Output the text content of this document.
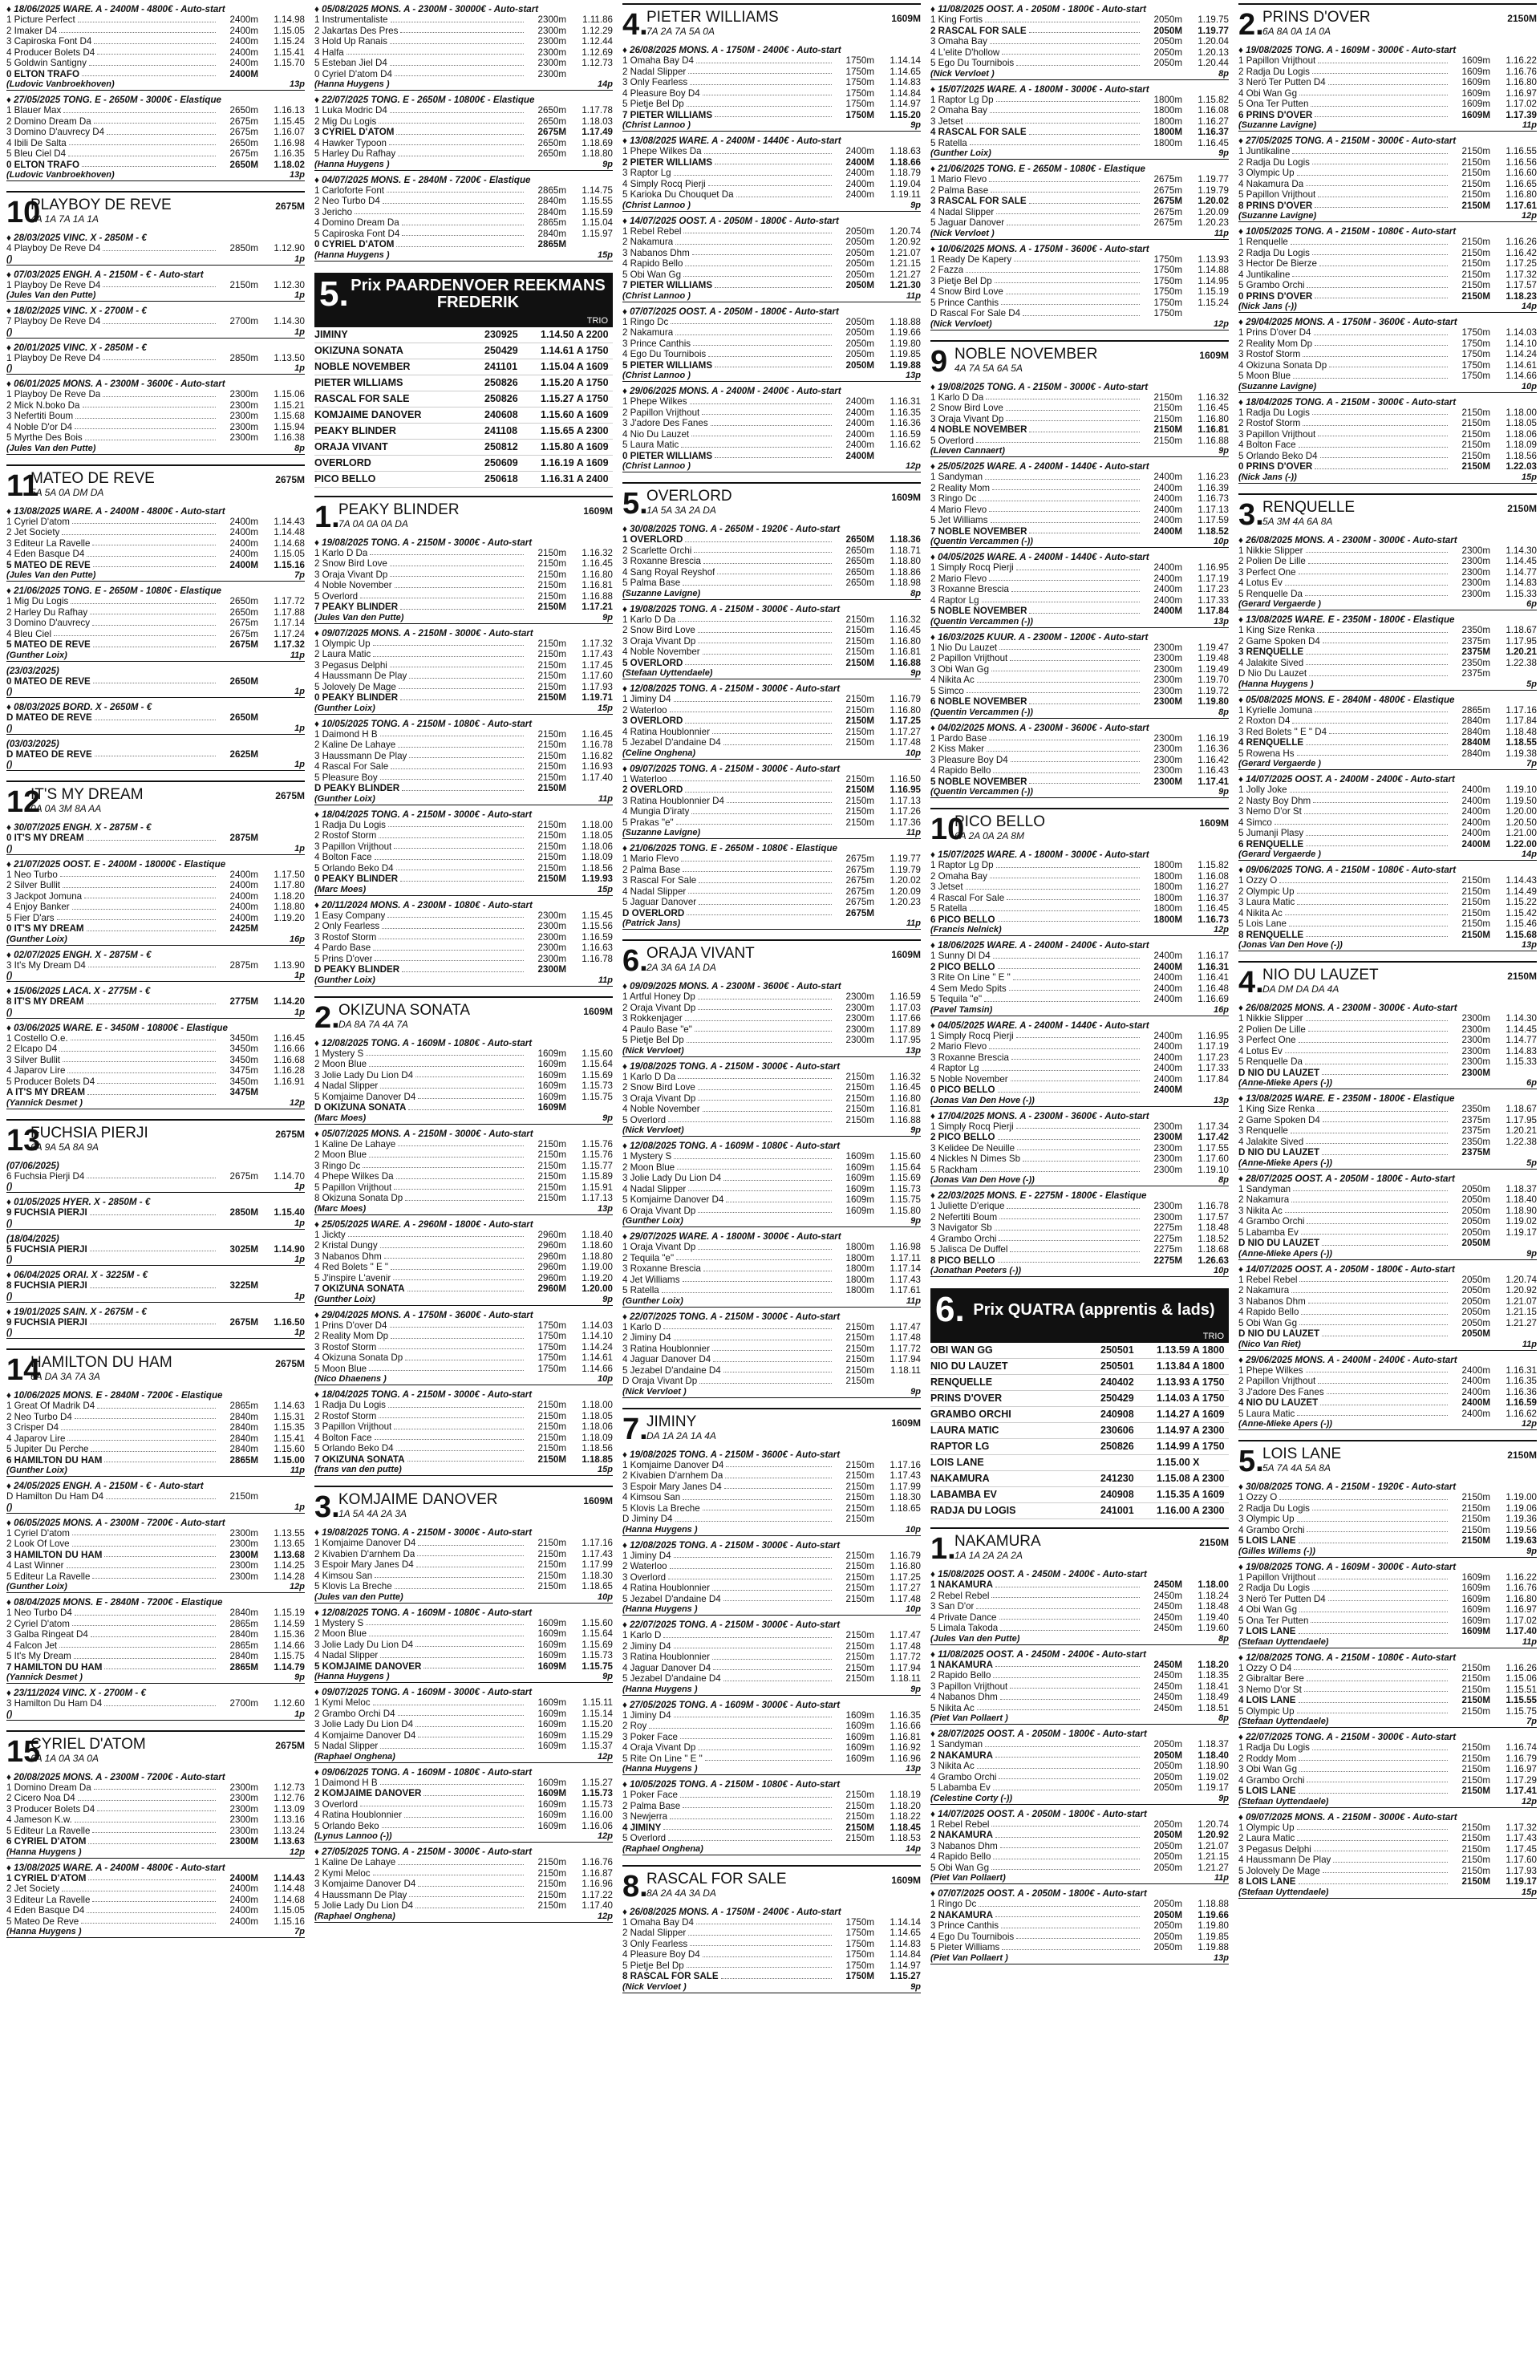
♦ 18/06/2025 WARE. A - 2400M - 4800€ - Auto-start
1 Picture Perfect	2400m	1.14.98
2 Imaker D4	2400m	1.15.05
3 Capiroska Font D4	2400m	1.15.24
4 Producer Bolets D4	2400m	1.15.41
5 Goldwin Santigny	2400m	1.15.70
0 ELTON TRAFO	2400M
(Ludovic Vanbroekhoven)	13p
♦ 27/05/2025 TONG. E - 2650M - 3000€ - Elastique
1 Blauer Max	2650m	1.16.13
2 Domino Dream Da	2675m	1.15.45
3 Domino D'auvrecy D4	2675m	1.16.07
4 Ibili De Salta	2650m	1.16.98
5 Bleu Ciel D4	2675m	1.16.35
0 ELTON TRAFO	2650M	1.18.02
(Ludovic Vanbroekhoven)	13p
10
PLAYBOY DE REVE
4A 1A 7A 1A 1A
2675M
♦ 28/03/2025 VINC. X - 2850M - €
4 Playboy De Reve D4	2850m	1.12.90
()	1p
♦ 07/03/2025 ENGH. A - 2150M - € - Auto-start
1 Playboy De Reve D4	2150m	1.12.30
(Jules Van den Putte)	1p
♦ 18/02/2025 VINC. X - 2700M - €
7 Playboy De Reve D4	2700m	1.14.30
()	1p
♦ 20/01/2025 VINC. X - 2850M - €
1 Playboy De Reve D4	2850m	1.13.50
()	1p
♦ 06/01/2025 MONS. A - 2300M - 3600€ - Auto-start
1 Playboy De Reve Da	2300m	1.15.06
2 Mick N.boko Da	2300m	1.15.21
3 Nefertiti Boum	2300m	1.15.68
4 Noble D'or D4	2300m	1.15.94
5 Myrthe Des Bois	2300m	1.16.38
(Jules Van den Putte)	8p
11
MATEO DE REVE
5A 5A 0A DM DA
2675M
♦ 13/08/2025 WARE. A - 2400M - 4800€ - Auto-start
1 Cyriel D'atom	2400m	1.14.43
2 Jet Society	2400m	1.14.48
3 Editeur La Ravelle	2400m	1.14.68
4 Eden Basque D4	2400m	1.15.05
5 MATEO DE REVE	2400M	1.15.16
(Jules Van den Putte)	7p
♦ 21/06/2025 TONG. E - 2650M - 1080€ - Elastique
1 Mig Du Logis	2650m	1.17.72
2 Harley Du Rafhay	2650m	1.17.88
3 Domino D'auvrecy	2675m	1.17.14
4 Bleu Ciel	2675m	1.17.24
5 MATEO DE REVE	2675M	1.17.32
(Gunther Loix)	11p
(23/03/2025)
0 MATEO DE REVE	2650M
()	1p
♦ 08/03/2025 BORD. X - 2650M - €
D MATEO DE REVE	2650M
()	1p
(03/03/2025)
D MATEO DE REVE	2625M
()	1p
12
IT'S MY DREAM
0A 0A 3M 8A AA
2675M
♦ 30/07/2025 ENGH. X - 2875M - €
0 IT'S MY DREAM	2875M
()	1p
♦ 21/07/2025 OOST. E - 2400M - 18000€ - Elastique
1 Neo Turbo	2400m	1.17.50
2 Silver Bullit	2400m	1.17.80
3 Jackpot Jomuna	2400m	1.18.20
4 Enjoy Banker	2400m	1.18.80
5 Fier D'ars	2400m	1.19.20
0 IT'S MY DREAM	2425M
(Gunther Loix)	16p
♦ 02/07/2025 ENGH. X - 2875M - €
3 It's My Dream D4	2875m	1.13.90
()	1p
♦ 15/06/2025 LACA. X - 2775M - €
8 IT'S MY DREAM	2775M	1.14.20
()	1p
♦ 03/06/2025 WARE. E - 3450M - 10800€ - Elastique
1 Costello O.e.	3450m	1.16.45
2 Elcapo D4	3450m	1.16.66
3 Silver Bullit	3450m	1.16.68
4 Japarov Lire	3475m	1.16.28
5 Producer Bolets D4	3450m	1.16.91
A IT'S MY DREAM	3475M
(Yannick Desmet )	12p
13
FUCHSIA PIERJI
6A 9A 5A 8A 9A
2675M
(07/06/2025)
6 Fuchsia Pierji D4	2675m	1.14.70
()	1p
♦ 01/05/2025 HYER. X - 2850M - €
9 FUCHSIA PIERJI	2850M	1.15.40
()	1p
(18/04/2025)
5 FUCHSIA PIERJI	3025M	1.14.90
()	1p
♦ 06/04/2025 ORAI. X - 3225M - €
8 FUCHSIA PIERJI	3225M
()	1p
♦ 19/01/2025 SAIN. X - 2675M - €
9 FUCHSIA PIERJI	2675M	1.16.50
()	1p
14
HAMILTON DU HAM
6A DA 3A 7A 3A
2675M
♦ 10/06/2025 MONS. E - 2840M - 7200€ - Elastique
1 Great Of Madrik D4	2865m	1.14.63
2 Neo Turbo D4	2840m	1.15.31
3 Crisper D4	2840m	1.15.35
4 Japarov Lire	2840m	1.15.41
5 Jupiter Du Perche	2840m	1.15.60
6 HAMILTON DU HAM	2865M	1.15.00
(Gunther Loix)	11p
♦ 24/05/2025 ENGH. A - 2150M - € - Auto-start
D Hamilton Du Ham D4	2150m
()	1p
♦ 06/05/2025 MONS. A - 2300M - 7200€ - Auto-start
1 Cyriel D'atom	2300m	1.13.55
2 Look Of Love	2300m	1.13.65
3 HAMILTON DU HAM	2300M	1.13.68
4 Last Winner	2300m	1.14.25
5 Editeur La Ravelle	2300m	1.14.28
(Gunther Loix)	12p
♦ 08/04/2025 MONS. E - 2840M - 7200€ - Elastique
1 Neo Turbo D4	2840m	1.15.19
2 Cyriel D'atom	2865m	1.14.59
3 Galba Ringeat D4	2840m	1.15.36
4 Falcon Jet	2865m	1.14.66
5 It's My Dream	2840m	1.15.75
7 HAMILTON DU HAM	2865M	1.14.79
(Yannick Desmet )	9p
♦ 23/11/2024 VINC. X - 2700M - €
3 Hamilton Du Ham D4	2700m	1.12.60
()	1p
15
CYRIEL D'ATOM
6A 1A 0A 3A 0A
2675M
♦ 20/08/2025 MONS. A - 2300M - 7200€ - Auto-start
1 Domino Dream Da	2300m	1.12.73
2 Cicero Noa D4	2300m	1.12.76
3 Producer Bolets D4	2300m	1.13.09
4 Jameson K.w.	2300m	1.13.16
5 Editeur La Ravelle	2300m	1.13.24
6 CYRIEL D'ATOM	2300M	1.13.63
(Hanna Huygens )	12p
♦ 13/08/2025 WARE. A - 2400M - 4800€ - Auto-start
1 CYRIEL D'ATOM	2400M	1.14.43
2 Jet Society	2400m	1.14.48
3 Editeur La Ravelle	2400m	1.14.68
4 Eden Basque D4	2400m	1.15.05
5 Mateo De Reve	2400m	1.15.16
(Hanna Huygens )	7p
♦ 05/08/2025 MONS. A - 2300M - 30000€ - Auto-start
1 Instrumentaliste	2300m	1.11.86
2 Jakartas Des Pres	2300m	1.12.29
3 Hold Up Ranais	2300m	1.12.44
4 Halfa	2300m	1.12.69
5 Esteban Jiel D4	2300m	1.12.73
0 Cyriel D'atom D4	2300m
(Hanna Huygens )	14p
♦ 22/07/2025 TONG. E - 2650M - 10800€ - Elastique
1 Luka Modric D4	2650m	1.17.78
2 Mig Du Logis	2650m	1.18.03
3 CYRIEL D'ATOM	2675M	1.17.49
4 Hawker Typoon	2650m	1.18.69
5 Harley Du Rafhay	2650m	1.18.80
(Hanna Huygens )	9p
♦ 04/07/2025 MONS. E - 2840M - 7200€ - Elastique
1 Carloforte Font	2865m	1.14.75
2 Neo Turbo D4	2840m	1.15.55
3 Jericho	2840m	1.15.59
4 Domino Dream Da	2865m	1.15.04
5 Capiroska Font D4	2840m	1.15.97
0 CYRIEL D'ATOM	2865M
(Hanna Huygens )	15p
5. Prix PAARDENVOER REEKMANS FREDERIK
TRIO
JIMINY	230925	1.14.50 A 2200
OKIZUNA SONATA	250429	1.14.61 A 1750
NOBLE NOVEMBER	241101	1.15.04 A 1609
PIETER WILLIAMS	250826	1.15.20 A 1750
RASCAL FOR SALE	250826	1.15.27 A 1750
KOMJAIME DANOVER	240608	1.15.60 A 1609
PEAKY BLINDER	241108	1.15.65 A 2300
ORAJA VIVANT	250812	1.15.80 A 1609
OVERLORD	250609	1.16.19 A 1609
PICO BELLO	250618	1.16.31 A 2400
1.
PEAKY BLINDER
7A 0A 0A 0A DA
1609M
♦ 19/08/2025 TONG. A - 2150M - 3000€ - Auto-start
1 Karlo D Da	2150m	1.16.32
2 Snow Bird Love	2150m	1.16.45
3 Oraja Vivant Dp	2150m	1.16.80
4 Noble November	2150m	1.16.81
5 Overlord	2150m	1.16.88
7 PEAKY BLINDER	2150M	1.17.21
(Jules Van den Putte)	9p
♦ 09/07/2025 MONS. A - 2150M - 3000€ - Auto-start
1 Olympic Up	2150m	1.17.32
2 Laura Matic	2150m	1.17.43
3 Pegasus Delphi	2150m	1.17.45
4 Haussmann De Play	2150m	1.17.60
5 Jolovely De Mage	2150m	1.17.93
0 PEAKY BLINDER	2150M	1.19.71
(Gunther Loix)	15p
♦ 10/05/2025 TONG. A - 2150M - 1080€ - Auto-start
1 Daimond H B	2150m	1.16.45
2 Kaline De Lahaye	2150m	1.16.78
3 Haussmann De Play	2150m	1.16.82
4 Rascal For Sale	2150m	1.16.93
5 Pleasure Boy	2150m	1.17.40
D PEAKY BLINDER	2150M
(Gunther Loix)	11p
♦ 18/04/2025 TONG. A - 2150M - 3000€ - Auto-start
1 Radja Du Logis	2150m	1.18.00
2 Rostof Storm	2150m	1.18.05
3 Papillon Vrijthout	2150m	1.18.06
4 Bolton Face	2150m	1.18.09
5 Orlando Beko D4	2150m	1.18.56
0 PEAKY BLINDER	2150M	1.19.93
(Marc Moes)	15p
♦ 20/11/2024 MONS. A - 2300M - 1080€ - Auto-start
1 Easy Company	2300m	1.15.45
2 Only Fearless	2300m	1.15.56
3 Rostof Storm	2300m	1.16.59
4 Pardo Base	2300m	1.16.63
5 Prins D'over	2300m	1.16.78
D PEAKY BLINDER	2300M
(Gunther Loix)	11p
2.
OKIZUNA SONATA
DA 8A 7A 4A 7A
1609M
♦ 12/08/2025 TONG. A - 1609M - 1080€ - Auto-start
1 Mystery S	1609m	1.15.60
2 Moon Blue	1609m	1.15.64
3 Jolie Lady Du Lion D4	1609m	1.15.69
4 Nadal Slipper	1609m	1.15.73
5 Komjaime Danover D4	1609m	1.15.75
D OKIZUNA SONATA	1609M
(Marc Moes)	9p
♦ 05/07/2025 MONS. A - 2150M - 3000€ - Auto-start
1 Kaline De Lahaye	2150m	1.15.76
2 Moon Blue	2150m	1.15.76
3 Ringo Dc	2150m	1.15.77
4 Phepe Wilkes Da	2150m	1.15.89
5 Papillon Vrijthout	2150m	1.15.91
8 Okizuna Sonata Dp	2150m	1.17.13
(Marc Moes)	13p
♦ 25/05/2025 WARE. A - 2960M - 1800€ - Auto-start
1 Jickty	2960m	1.18.40
2 Kristal Dungy	2960m	1.18.60
3 Nabanos Dhm	2960m	1.18.80
4 Red Bolets " E "	2960m	1.19.00
5 J'inspire L'avenir	2960m	1.19.20
7 OKIZUNA SONATA	2960M	1.20.00
(Gunther Loix)	9p
♦ 29/04/2025 MONS. A - 1750M - 3600€ - Auto-start
1 Prins D'over D4	1750m	1.14.03
2 Reality Mom Dp	1750m	1.14.10
3 Rostof Storm	1750m	1.14.24
4 Okizuna Sonata Dp	1750m	1.14.61
5 Moon Blue	1750m	1.14.66
(Nico Dhaenens )	10p
♦ 18/04/2025 TONG. A - 2150M - 3000€ - Auto-start
1 Radja Du Logis	2150m	1.18.00
2 Rostof Storm	2150m	1.18.05
3 Papillon Vrijthout	2150m	1.18.06
4 Bolton Face	2150m	1.18.09
5 Orlando Beko D4	2150m	1.18.56
7 OKIZUNA SONATA	2150M	1.18.85
(frans van den putte)	15p
3.
KOMJAIME DANOVER
1A 5A 4A 2A 3A
1609M
♦ 19/08/2025 TONG. A - 2150M - 3000€ - Auto-start
1 Komjaime Danover D4	2150m	1.17.16
2 Kivabien D'arnhem Da	2150m	1.17.43
3 Espoir Mary Janes D4	2150m	1.17.99
4 Kimsou San	2150m	1.18.30
5 Klovis La Breche	2150m	1.18.65
(Jules van den Putte)	10p
♦ 12/08/2025 TONG. A - 1609M - 1080€ - Auto-start
1 Mystery S	1609m	1.15.60
2 Moon Blue	1609m	1.15.64
3 Jolie Lady Du Lion D4	1609m	1.15.69
4 Nadal Slipper	1609m	1.15.73
5 KOMJAIME DANOVER	1609M	1.15.75
(Hanna Huygens )	9p
♦ 09/07/2025 TONG. A - 1609M - 3000€ - Auto-start
1 Kymi Meloc	1609m	1.15.11
2 Grambo Orchi D4	1609m	1.15.14
3 Jolie Lady Du Lion D4	1609m	1.15.20
4 Komjaime Danover D4	1609m	1.15.29
5 Nadal Slipper	1609m	1.15.37
(Raphael Onghena)	12p
♦ 09/06/2025 TONG. A - 1609M - 1080€ - Auto-start
1 Daimond H B	1609m	1.15.27
2 KOMJAIME DANOVER	1609M	1.15.73
3 Overlord	1609m	1.15.73
4 Ratina Houblonnier	1609m	1.16.00
5 Orlando Beko	1609m	1.16.06
(Lynus Lannoo (-))	12p
♦ 27/05/2025 TONG. A - 2150M - 3000€ - Auto-start
1 Kaline De Lahaye	2150m	1.16.76
2 Kymi Meloc	2150m	1.16.87
3 Komjaime Danover D4	2150m	1.16.96
4 Haussmann De Play	2150m	1.17.22
5 Jolie Lady Du Lion D4	2150m	1.17.40
(Raphael Onghena)	12p
4.
PIETER WILLIAMS
7A 2A 7A 5A 0A
1609M
♦ 26/08/2025 MONS. A - 1750M - 2400€ - Auto-start
1 Omaha Bay D4	1750m	1.14.14
2 Nadal Slipper	1750m	1.14.65
3 Only Fearless	1750m	1.14.83
4 Pleasure Boy D4	1750m	1.14.84
5 Pietje Bel Dp	1750m	1.14.97
7 PIETER WILLIAMS	1750M	1.15.20
(Christ Lannoo )	9p
♦ 13/08/2025 WARE. A - 2400M - 1440€ - Auto-start
1 Phepe Wilkes Da	2400m	1.18.63
2 PIETER WILLIAMS	2400M	1.18.66
3 Raptor Lg	2400m	1.18.79
4 Simply Rocq Pierji	2400m	1.19.04
5 Karioka Du Chouquet Da	2400m	1.19.11
(Christ Lannoo )	9p
♦ 14/07/2025 OOST. A - 2050M - 1800€ - Auto-start
1 Rebel Rebel	2050m	1.20.74
2 Nakamura	2050m	1.20.92
3 Nabanos Dhm	2050m	1.21.07
4 Rapido Bello	2050m	1.21.15
5 Obi Wan Gg	2050m	1.21.27
7 PIETER WILLIAMS	2050M	1.21.30
(Christ Lannoo )	11p
♦ 07/07/2025 OOST. A - 2050M - 1800€ - Auto-start
1 Ringo Dc	2050m	1.18.88
2 Nakamura	2050m	1.19.66
3 Prince Canthis	2050m	1.19.80
4 Ego Du Tournibois	2050m	1.19.85
5 PIETER WILLIAMS	2050M	1.19.88
(Christ Lannoo )	13p
♦ 29/06/2025 MONS. A - 2400M - 2400€ - Auto-start
1 Phepe Wilkes	2400m	1.16.31
2 Papillon Vrijthout	2400m	1.16.35
3 J'adore Des Fanes	2400m	1.16.36
4 Nio Du Lauzet	2400m	1.16.59
5 Laura Matic	2400m	1.16.62
0 PIETER WILLIAMS	2400M
(Christ Lannoo )	12p
5.
OVERLORD
1A 5A 3A 2A DA
1609M
♦ 30/08/2025 TONG. A - 2650M - 1920€ - Auto-start
1 OVERLORD	2650M	1.18.36
2 Scarlette Orchi	2650m	1.18.71
3 Roxanne Brescia	2650m	1.18.80
4 Sang Royal Reyshof	2650m	1.18.86
5 Palma Base	2650m	1.18.98
(Suzanne Lavigne)	8p
♦ 19/08/2025 TONG. A - 2150M - 3000€ - Auto-start
1 Karlo D Da	2150m	1.16.32
2 Snow Bird Love	2150m	1.16.45
3 Oraja Vivant Dp	2150m	1.16.80
4 Noble November	2150m	1.16.81
5 OVERLORD	2150M	1.16.88
(Stefaan Uyttendaele)	9p
♦ 12/08/2025 TONG. A - 2150M - 3000€ - Auto-start
1 Jiminy D4	2150m	1.16.79
2 Waterloo	2150m	1.16.80
3 OVERLORD	2150M	1.17.25
4 Ratina Houblonnier	2150m	1.17.27
5 Jezabel D'andaine D4	2150m	1.17.48
(Celine Onghena)	10p
♦ 09/07/2025 TONG. A - 2150M - 3000€ - Auto-start
1 Waterloo	2150m	1.16.50
2 OVERLORD	2150M	1.16.95
3 Ratina Houblonnier D4	2150m	1.17.13
4 Mungia D'iraty	2150m	1.17.26
5 Prakas "e"	2150m	1.17.36
(Suzanne Lavigne)	11p
♦ 21/06/2025 TONG. E - 2650M - 1080€ - Elastique
1 Mario Flevo	2675m	1.19.77
2 Palma Base	2675m	1.19.79
3 Rascal For Sale	2675m	1.20.02
4 Nadal Slipper	2675m	1.20.09
5 Jaguar Danover	2675m	1.20.23
D OVERLORD	2675M
(Patrick Jans)	11p
6.
ORAJA VIVANT
2A 3A 6A 1A DA
1609M
♦ 09/09/2025 MONS. A - 2300M - 3600€ - Auto-start
1 Artful Honey Dp	2300m	1.16.59
2 Oraja Vivant Dp	2300m	1.17.03
3 Rokkenjager	2300m	1.17.66
4 Paulo Base "e"	2300m	1.17.89
5 Pietje Bel Dp	2300m	1.17.95
(Nick Vervloet)	13p
♦ 19/08/2025 TONG. A - 2150M - 3000€ - Auto-start
1 Karlo D Da	2150m	1.16.32
2 Snow Bird Love	2150m	1.16.45
3 Oraja Vivant Dp	2150m	1.16.80
4 Noble November	2150m	1.16.81
5 Overlord	2150m	1.16.88
(Nick Vervloet)	9p
♦ 12/08/2025 TONG. A - 1609M - 1080€ - Auto-start
1 Mystery S	1609m	1.15.60
2 Moon Blue	1609m	1.15.64
3 Jolie Lady Du Lion D4	1609m	1.15.69
4 Nadal Slipper	1609m	1.15.73
5 Komjaime Danover D4	1609m	1.15.75
6 Oraja Vivant Dp	1609m	1.15.80
(Gunther Loix)	9p
♦ 29/07/2025 WARE. A - 1800M - 3000€ - Auto-start
1 Oraja Vivant Dp	1800m	1.16.98
2 Tequila "e"	1800m	1.17.11
3 Roxanne Brescia	1800m	1.17.14
4 Jet Williams	1800m	1.17.43
5 Ratella	1800m	1.17.61
(Gunther Loix)	11p
♦ 22/07/2025 TONG. A - 2150M - 3000€ - Auto-start
1 Karlo D	2150m	1.17.47
2 Jiminy D4	2150m	1.17.48
3 Ratina Houblonnier	2150m	1.17.72
4 Jaguar Danover D4	2150m	1.17.94
5 Jezabel D'andaine D4	2150m	1.18.11
D Oraja Vivant Dp	2150m
(Nick Vervloet )	9p
7.
JIMINY
DA 1A 2A 1A 4A
1609M
♦ 19/08/2025 TONG. A - 2150M - 3600€ - Auto-start
1 Komjaime Danover D4	2150m	1.17.16
2 Kivabien D'arnhem Da	2150m	1.17.43
3 Espoir Mary Janes D4	2150m	1.17.99
4 Kimsou San	2150m	1.18.30
5 Klovis La Breche	2150m	1.18.65
D Jiminy D4	2150m
(Hanna Huygens )	10p
♦ 12/08/2025 TONG. A - 2150M - 3000€ - Auto-start
1 Jiminy D4	2150m	1.16.79
2 Waterloo	2150m	1.16.80
3 Overlord	2150m	1.17.25
4 Ratina Houblonnier	2150m	1.17.27
5 Jezabel D'andaine D4	2150m	1.17.48
(Hanna Huygens )	10p
♦ 22/07/2025 TONG. A - 2150M - 3000€ - Auto-start
1 Karlo D	2150m	1.17.47
2 Jiminy D4	2150m	1.17.48
3 Ratina Houblonnier	2150m	1.17.72
4 Jaguar Danover D4	2150m	1.17.94
5 Jezabel D'andaine D4	2150m	1.18.11
(Hanna Huygens )	9p
♦ 27/05/2025 TONG. A - 1609M - 3000€ - Auto-start
1 Jiminy D4	1609m	1.16.35
2 Roy	1609m	1.16.66
3 Poker Face	1609m	1.16.81
4 Oraja Vivant Dp	1609m	1.16.92
5 Rite On Line " E "	1609m	1.16.96
(Hanna Huygens )	13p
♦ 10/05/2025 TONG. A - 2150M - 1080€ - Auto-start
1 Poker Face	2150m	1.18.19
2 Palma Base	2150m	1.18.20
3 Newjerra	2150m	1.18.22
4 JIMINY	2150M	1.18.45
5 Overlord	2150m	1.18.53
(Raphael Onghena)	14p
8.
RASCAL FOR SALE
8A 2A 4A 3A DA
1609M
♦ 26/08/2025 MONS. A - 1750M - 2400€ - Auto-start
1 Omaha Bay D4	1750m	1.14.14
2 Nadal Slipper	1750m	1.14.65
3 Only Fearless	1750m	1.14.83
4 Pleasure Boy D4	1750m	1.14.84
5 Pietje Bel Dp	1750m	1.14.97
8 RASCAL FOR SALE	1750M	1.15.27
(Nick Vervloet )	9p
♦ 11/08/2025 OOST. A - 2050M - 1800€ - Auto-start
1 King Fortis	2050m	1.19.75
2 RASCAL FOR SALE	2050M	1.19.77
3 Omaha Bay	2050m	1.20.04
4 L'elite D'hollow	2050m	1.20.13
5 Ego Du Tournibois	2050m	1.20.44
(Nick Vervloet )	8p
♦ 15/07/2025 WARE. A - 1800M - 3000€ - Auto-start
1 Raptor Lg Dp	1800m	1.15.82
2 Omaha Bay	1800m	1.16.08
3 Jetset	1800m	1.16.27
4 RASCAL FOR SALE	1800M	1.16.37
5 Ratella	1800m	1.16.45
(Gunther Loix)	9p
♦ 21/06/2025 TONG. E - 2650M - 1080€ - Elastique
1 Mario Flevo	2675m	1.19.77
2 Palma Base	2675m	1.19.79
3 RASCAL FOR SALE	2675M	1.20.02
4 Nadal Slipper	2675m	1.20.09
5 Jaguar Danover	2675m	1.20.23
(Nick Vervloet )	11p
♦ 10/06/2025 MONS. A - 1750M - 3600€ - Auto-start
1 Ready De Kapery	1750m	1.13.93
2 Fazza	1750m	1.14.88
3 Pietje Bel Dp	1750m	1.14.95
4 Snow Bird Love	1750m	1.15.19
5 Prince Canthis	1750m	1.15.24
D Rascal For Sale D4	1750m
(Nick Vervloet)	12p
9 NOBLE NOVEMBER
4A 7A 5A 6A 5A
1609M
♦ 19/08/2025 TONG. A - 2150M - 3000€ - Auto-start
1 Karlo D Da	2150m	1.16.32
2 Snow Bird Love	2150m	1.16.45
3 Oraja Vivant Dp	2150m	1.16.80
4 NOBLE NOVEMBER	2150M	1.16.81
5 Overlord	2150m	1.16.88
(Lieven Cannaert)	9p
♦ 25/05/2025 WARE. A - 2400M - 1440€ - Auto-start
1 Sandyman	2400m	1.16.23
2 Reality Mom	2400m	1.16.39
3 Ringo Dc	2400m	1.16.73
4 Mario Flevo	2400m	1.17.13
5 Jet Williams	2400m	1.17.59
7 NOBLE NOVEMBER	2400M	1.18.52
(Quentin Vercammen (-))	10p
♦ 04/05/2025 WARE. A - 2400M - 1440€ - Auto-start
1 Simply Rocq Pierji	2400m	1.16.95
2 Mario Flevo	2400m	1.17.19
3 Roxanne Brescia	2400m	1.17.23
4 Raptor Lg	2400m	1.17.33
5 NOBLE NOVEMBER	2400M	1.17.84
(Quentin Vercammen (-))	13p
♦ 16/03/2025 KUUR. A - 2300M - 1200€ - Auto-start
1 Nio Du Lauzet	2300m	1.19.47
2 Papillon Vrijthout	2300m	1.19.48
3 Obi Wan Gg	2300m	1.19.49
4 Nikita Ac	2300m	1.19.70
5 Simco	2300m	1.19.72
6 NOBLE NOVEMBER	2300M	1.19.80
(Quentin Vercammen (-))	8p
♦ 04/02/2025 MONS. A - 2300M - 3600€ - Auto-start
1 Pardo Base	2300m	1.16.19
2 Kiss Maker	2300m	1.16.36
3 Pleasure Boy D4	2300m	1.16.42
4 Rapido Bello	2300m	1.16.43
5 NOBLE NOVEMBER	2300M	1.17.41
(Quentin Vercammen (-))	9p
10
PICO BELLO
6A 2A 0A 2A 8M
1609M
♦ 15/07/2025 WARE. A - 1800M - 3000€ - Auto-start
1 Raptor Lg Dp	1800m	1.15.82
2 Omaha Bay	1800m	1.16.08
3 Jetset	1800m	1.16.27
4 Rascal For Sale	1800m	1.16.37
5 Ratella	1800m	1.16.45
6 PICO BELLO	1800M	1.16.73
(Francis Nelnick)	12p
♦ 18/06/2025 WARE. A - 2400M - 2400€ - Auto-start
1 Sunny Dl D4	2400m	1.16.17
2 PICO BELLO	2400M	1.16.31
3 Rite On Line " E "	2400m	1.16.41
4 Sem Medo Spits	2400m	1.16.48
5 Tequila "e"	2400m	1.16.69
(Pavel Tamsin)	16p
♦ 04/05/2025 WARE. A - 2400M - 1440€ - Auto-start
1 Simply Rocq Pierji	2400m	1.16.95
2 Mario Flevo	2400m	1.17.19
3 Roxanne Brescia	2400m	1.17.23
4 Raptor Lg	2400m	1.17.33
5 Noble November	2400m	1.17.84
0 PICO BELLO	2400M
(Jonas Van Den Hove (-))	13p
♦ 17/04/2025 MONS. A - 2300M - 3600€ - Auto-start
1 Simply Rocq Pierji	2300m	1.17.34
2 PICO BELLO	2300M	1.17.42
3 Kelidee De Neuille	2300m	1.17.55
4 Nickles N Dimes Sb	2300m	1.17.60
5 Rackham	2300m	1.19.10
(Jonas Van Den Hove (-))	8p
♦ 22/03/2025 MONS. E - 2275M - 1800€ - Elastique
1 Juliette D'erique	2300m	1.16.78
2 Nefertiti Boum	2300m	1.17.57
3 Navigator Sb	2275m	1.18.48
4 Grambo Orchi	2275m	1.18.52
5 Jalisca De Duffel	2275m	1.18.68
8 PICO BELLO	2275M	1.26.63
(Jonathan Peeters (-))	10p
6. Prix QUATRA (apprentis & lads)
TRIO
OBI WAN GG	250501	1.13.59 A 1800
NIO DU LAUZET	250501	1.13.84 A 1800
RENQUELLE	240402	1.13.93 A 1750
PRINS D'OVER	250429	1.14.03 A 1750
GRAMBO ORCHI	240908	1.14.27 A 1609
LAURA MATIC	230606	1.14.97 A 2300
RAPTOR LG	250826	1.14.99 A 1750
LOIS LANE	1.15.00 X
NAKAMURA	241230	1.15.08 A 2300
LABAMBA EV	240908	1.15.35 A 1609
RADJA DU LOGIS	241001	1.16.00 A 2300
1.
NAKAMURA
1A 1A 2A 2A 2A
2150M
♦ 15/08/2025 OOST. A - 2450M - 2400€ - Auto-start
1 NAKAMURA	2450M	1.18.00
2 Rebel Rebel	2450m	1.18.24
3 San D'or	2450m	1.18.48
4 Private Dance	2450m	1.19.40
5 Limala Takoda	2450m	1.19.60
(Jules Van den Putte)	8p
♦ 11/08/2025 OOST. A - 2450M - 2400€ - Auto-start
1 NAKAMURA	2450M	1.18.20
2 Rapido Bello	2450m	1.18.35
3 Papillon Vrijthout	2450m	1.18.41
4 Nabanos Dhm	2450m	1.18.49
5 Nikita Ac	2450m	1.18.51
(Piet Van Pollaert )	8p
♦ 28/07/2025 OOST. A - 2050M - 1800€ - Auto-start
1 Sandyman	2050m	1.18.37
2 NAKAMURA	2050M	1.18.40
3 Nikita Ac	2050m	1.18.90
4 Grambo Orchi	2050m	1.19.02
5 Labamba Ev	2050m	1.19.17
(Celestine Corty (-))	9p
♦ 14/07/2025 OOST. A - 2050M - 1800€ - Auto-start
1 Rebel Rebel	2050m	1.20.74
2 NAKAMURA	2050M	1.20.92
3 Nabanos Dhm	2050m	1.21.07
4 Rapido Bello	2050m	1.21.15
5 Obi Wan Gg	2050m	1.21.27
(Piet Van Pollaert)	11p
♦ 07/07/2025 OOST. A - 2050M - 1800€ - Auto-start
1 Ringo Dc	2050m	1.18.88
2 NAKAMURA	2050M	1.19.66
3 Prince Canthis	2050m	1.19.80
4 Ego Du Tournibois	2050m	1.19.85
5 Pieter Williams	2050m	1.19.88
(Piet Van Pollaert )	13p
2.
PRINS D'OVER
6A 8A 0A 1A 0A
2150M
♦ 19/08/2025 TONG. A - 1609M - 3000€ - Auto-start
1 Papillon Vrijthout	1609m	1.16.22
2 Radja Du Logis	1609m	1.16.76
3 Nerö Ter Putten D4	1609m	1.16.80
4 Obi Wan Gg	1609m	1.16.97
5 Ona Ter Putten	1609m	1.17.02
6 PRINS D'OVER	1609M	1.17.39
(Suzanne Lavigne)	11p
♦ 27/05/2025 TONG. A - 2150M - 3000€ - Auto-start
1 Juntikaline	2150m	1.16.55
2 Radja Du Logis	2150m	1.16.56
3 Olympic Up	2150m	1.16.60
4 Nakamura Da	2150m	1.16.65
5 Papillon Vrijthout	2150m	1.16.80
8 PRINS D'OVER	2150M	1.17.61
(Suzanne Lavigne)	12p
♦ 10/05/2025 TONG. A - 2150M - 1080€ - Auto-start
1 Renquelle	2150m	1.16.26
2 Radja Du Logis	2150m	1.16.42
3 Hector De Bierze	2150m	1.17.25
4 Juntikaline	2150m	1.17.32
5 Grambo Orchi	2150m	1.17.57
0 PRINS D'OVER	2150M	1.18.23
(Nick Jans (-))	14p
♦ 29/04/2025 MONS. A - 1750M - 3600€ - Auto-start
1 Prins D'over D4	1750m	1.14.03
2 Reality Mom Dp	1750m	1.14.10
3 Rostof Storm	1750m	1.14.24
4 Okizuna Sonata Dp	1750m	1.14.61
5 Moon Blue	1750m	1.14.66
(Suzanne Lavigne)	10p
♦ 18/04/2025 TONG. A - 2150M - 3000€ - Auto-start
1 Radja Du Logis	2150m	1.18.00
2 Rostof Storm	2150m	1.18.05
3 Papillon Vrijthout	2150m	1.18.06
4 Bolton Face	2150m	1.18.09
5 Orlando Beko D4	2150m	1.18.56
0 PRINS D'OVER	2150M	1.22.03
(Nick Jans (-))	15p
3.
RENQUELLE
5A 3M 4A 6A 8A
2150M
♦ 26/08/2025 MONS. A - 2300M - 3000€ - Auto-start
1 Nikkie Slipper	2300m	1.14.30
2 Polien De Lille	2300m	1.14.45
3 Perfect One	2300m	1.14.77
4 Lotus Ev	2300m	1.14.83
5 Renquelle Da	2300m	1.15.33
(Gerard Vergaerde )	6p
♦ 13/08/2025 WARE. E - 2350M - 1800€ - Elastique
1 King Size Renka	2350m	1.18.67
2 Game Spoken D4	2375m	1.17.95
3 RENQUELLE	2375M	1.20.21
4 Jalakite Sived	2350m	1.22.38
D Nio Du Lauzet	2375m
(Hanna Huygens )	5p
♦ 05/08/2025 MONS. E - 2840M - 4800€ - Elastique
1 Kyrielle Jomuna	2865m	1.17.16
2 Roxton D4	2840m	1.17.84
3 Red Bolets " E " D4	2840m	1.18.48
4 RENQUELLE	2840M	1.18.55
5 Rowena Hs	2840m	1.19.38
(Gerard Vergaerde )	7p
♦ 14/07/2025 OOST. A - 2400M - 2400€ - Auto-start
1 Jolly Joke	2400m	1.19.10
2 Nasty Boy Dhm	2400m	1.19.50
3 Nemo D'or St	2400m	1.20.00
4 Simco	2400m	1.20.50
5 Jumanji Plasy	2400m	1.21.00
6 RENQUELLE	2400M	1.22.00
(Gerard Vergaerde )	14p
♦ 09/06/2025 TONG. A - 2150M - 1080€ - Auto-start
1 Ozzy O	2150m	1.14.43
2 Olympic Up	2150m	1.14.49
3 Laura Matic	2150m	1.15.22
4 Nikita Ac	2150m	1.15.42
5 Lois Lane	2150m	1.15.46
8 RENQUELLE	2150M	1.15.68
(Jonas Van Den Hove (-))	13p
4.
NIO DU LAUZET
DA DM DA DA 4A
2150M
♦ 26/08/2025 MONS. A - 2300M - 3000€ - Auto-start
1 Nikkie Slipper	2300m	1.14.30
2 Polien De Lille	2300m	1.14.45
3 Perfect One	2300m	1.14.77
4 Lotus Ev	2300m	1.14.83
5 Renquelle Da	2300m	1.15.33
D NIO DU LAUZET	2300M
(Anne-Mieke Apers (-))	6p
♦ 13/08/2025 WARE. E - 2350M - 1800€ - Elastique
1 King Size Renka	2350m	1.18.67
2 Game Spoken D4	2375m	1.17.95
3 Renquelle	2375m	1.20.21
4 Jalakite Sived	2350m	1.22.38
D NIO DU LAUZET	2375M
(Anne-Mieke Apers (-))	5p
♦ 28/07/2025 OOST. A - 2050M - 1800€ - Auto-start
1 Sandyman	2050m	1.18.37
2 Nakamura	2050m	1.18.40
3 Nikita Ac	2050m	1.18.90
4 Grambo Orchi	2050m	1.19.02
5 Labamba Ev	2050m	1.19.17
D NIO DU LAUZET	2050M
(Anne-Mieke Apers (-))	9p
♦ 14/07/2025 OOST. A - 2050M - 1800€ - Auto-start
1 Rebel Rebel	2050m	1.20.74
2 Nakamura	2050m	1.20.92
3 Nabanos Dhm	2050m	1.21.07
4 Rapido Bello	2050m	1.21.15
5 Obi Wan Gg	2050m	1.21.27
D NIO DU LAUZET	2050M
(Nico Van Riet)	11p
♦ 29/06/2025 MONS. A - 2400M - 2400€ - Auto-start
1 Phepe Wilkes	2400m	1.16.31
2 Papillon Vrijthout	2400m	1.16.35
3 J'adore Des Fanes	2400m	1.16.36
4 NIO DU LAUZET	2400M	1.16.59
5 Laura Matic	2400m	1.16.62
(Anne-Mieke Apers (-))	12p
5.
LOIS LANE
5A 7A 4A 5A 8A
2150M
♦ 30/08/2025 TONG. A - 2150M - 1920€ - Auto-start
1 Ozzy O	2150m	1.19.00
2 Radja Du Logis	2150m	1.19.06
3 Olympic Up	2150m	1.19.36
4 Grambo Orchi	2150m	1.19.56
5 LOIS LANE	2150M	1.19.63
(Gilles Willems (-))	9p
♦ 19/08/2025 TONG. A - 1609M - 3000€ - Auto-start
1 Papillon Vrijthout	1609m	1.16.22
2 Radja Du Logis	1609m	1.16.76
3 Nerö Ter Putten D4	1609m	1.16.80
4 Obi Wan Gg	1609m	1.16.97
5 Ona Ter Putten	1609m	1.17.02
7 LOIS LANE	1609M	1.17.40
(Stefaan Uyttendaele)	11p
♦ 12/08/2025 TONG. A - 2150M - 1080€ - Auto-start
1 Ozzy O D4	2150m	1.16.26
2 Gibraltar Bere	2150m	1.15.06
3 Nemo D'or St	2150m	1.15.51
4 LOIS LANE	2150M	1.15.55
5 Olympic Up	2150m	1.15.75
(Stefaan Uyttendaele)	7p
♦ 22/07/2025 TONG. A - 2150M - 3000€ - Auto-start
1 Radja Du Logis	2150m	1.16.74
2 Roddy Mom	2150m	1.16.79
3 Obi Wan Gg	2150m	1.16.97
4 Grambo Orchi	2150m	1.17.29
5 LOIS LANE	2150M	1.17.41
(Stefaan Uyttendaele)	12p
♦ 09/07/2025 MONS. A - 2150M - 3000€ - Auto-start
1 Olympic Up	2150m	1.17.32
2 Laura Matic	2150m	1.17.43
3 Pegasus Delphi	2150m	1.17.45
4 Haussmann De Play	2150m	1.17.60
5 Jolovely De Mage	2150m	1.17.93
8 LOIS LANE	2150M	1.19.17
(Stefaan Uyttendaele)	15p
